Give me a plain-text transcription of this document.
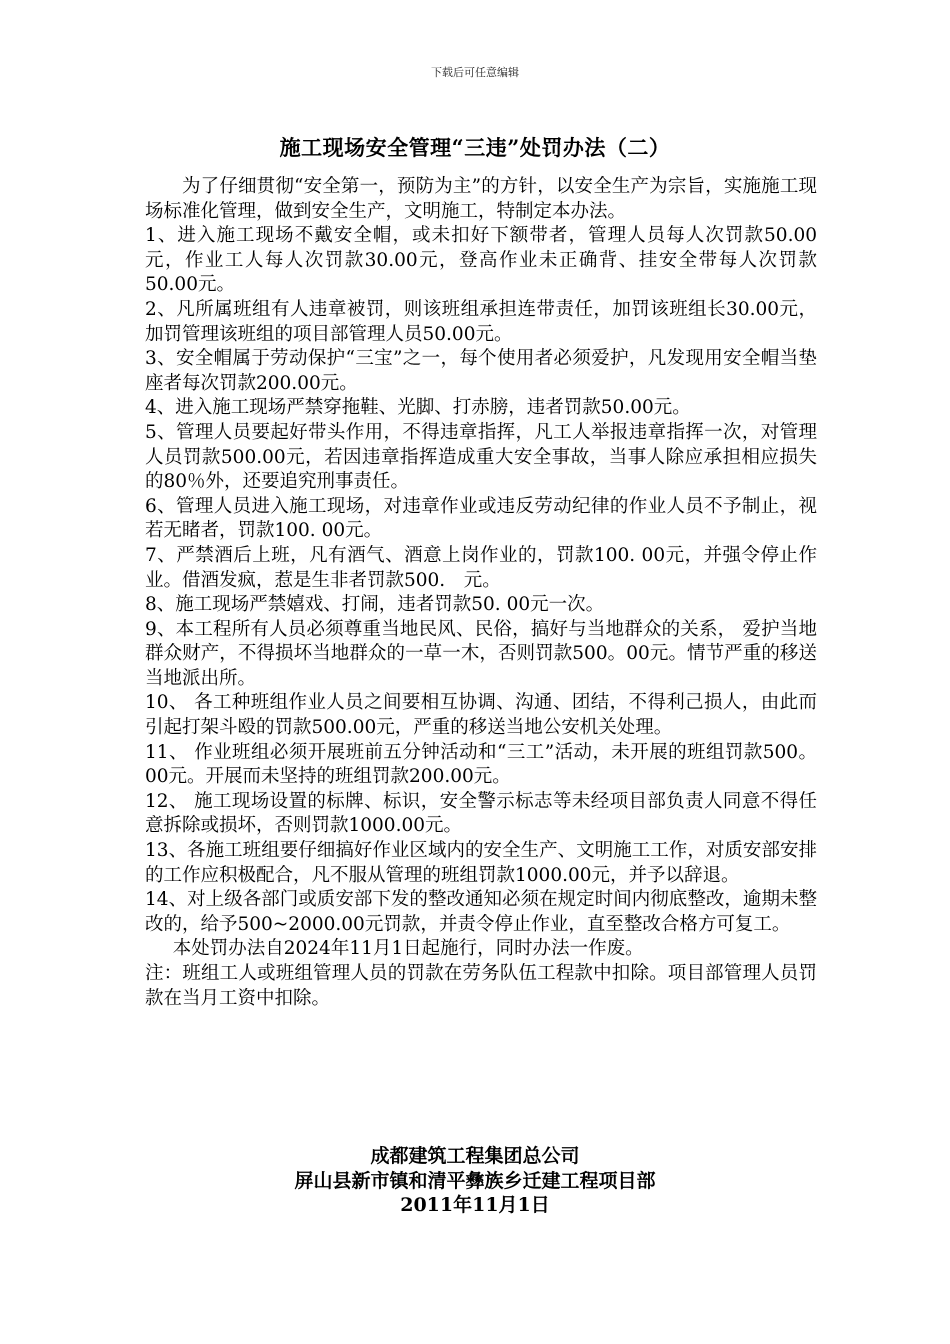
下载后可任意编辑
施工现场安全管理“三违”处罚办法（二）

为了仔细贯彻“安全第一，预防为主”的方针，以安全生产为宗旨，实施施工现场标准化管理，做到安全生产，文明施工，特制定本办法。

1、进入施工现场不戴安全帽，或未扣好下额带者，管理人员每人次罚款50.00元，作业工人每人次罚款30.00元，登高作业未正确背、挂安全带每人次罚款50.00元。

2、凡所属班组有人违章被罚，则该班组承担连带责任，加罚该班组长30.00元，加罚管理该班组的项目部管理人员50.00元。

3、安全帽属于劳动保护“三宝”之一，每个使用者必须爱护，凡发现用安全帽当垫座者每次罚款200.00元。

4、进入施工现场严禁穿拖鞋、光脚、打赤膀，违者罚款50.00元。

5、管理人员要起好带头作用，不得违章指挥，凡工人举报违章指挥一次，对管理人员罚款500.00元，若因违章指挥造成重大安全事故，当事人除应承担相应损失的80％外，还要追究刑事责任。

6、管理人员进入施工现场，对违章作业或违反劳动纪律的作业人员不予制止，视若无睹者，罚款100. 00元。

7、严禁酒后上班，凡有酒气、酒意上岗作业的，罚款100. 00元，并强令停止作业。借酒发疯，惹是生非者罚款500.　元。

8、施工现场严禁嬉戏、打闹，违者罚款50. 00元一次。

9、本工程所有人员必须尊重当地民风、民俗，搞好与当地群众的关系， 爱护当地群众财产，不得损坏当地群众的一草一木，否则罚款500。00元。情节严重的移送当地派出所。

10、 各工种班组作业人员之间要相互协调、沟通、团结，不得利己损人，由此而引起打架斗殴的罚款500.00元，严重的移送当地公安机关处理。

11、 作业班组必须开展班前五分钟活动和“三工”活动，未开展的班组罚款500。00元。开展而未坚持的班组罚款200.00元。

12、 施工现场设置的标牌、标识，安全警示标志等未经项目部负责人同意不得任意拆除或损坏，否则罚款1000.00元。

13、各施工班组要仔细搞好作业区域内的安全生产、文明施工工作，对质安部安排的工作应积极配合，凡不服从管理的班组罚款1000.00元，并予以辞退。

14、对上级各部门或质安部下发的整改通知必须在规定时间内彻底整改，逾期未整改的，给予500~2000.00元罚款，并责令停止作业，直至整改合格方可复工。

本处罚办法自2024年11月1日起施行，同时办法一作废。

注：班组工人或班组管理人员的罚款在劳务队伍工程款中扣除。项目部管理人员罚款在当月工资中扣除。

成都建筑工程集团总公司
屏山县新市镇和清平彝族乡迁建工程项目部
2011年11月1日
